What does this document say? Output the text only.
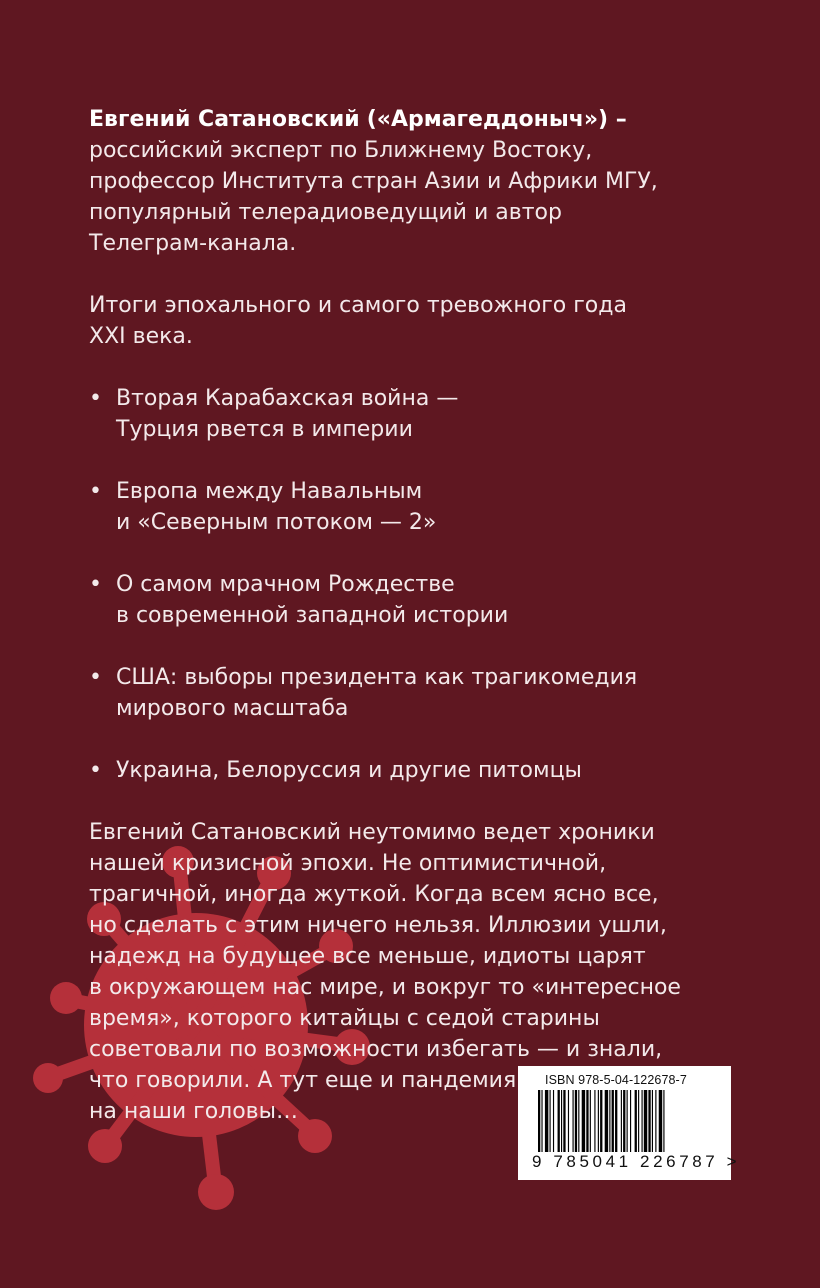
Евгений Сатановский («Армагеддоныч») –

российский эксперт по Ближнему Востоку,
профессор Института стран Азии и Африки МГУ,
популярный телерадиоведущий и автор
Телеграм-канала.

Итоги эпохального и самого тревожного года
XXI века.

• Вторая Карабахская война —
Турция рвется в империи
• Европа между Навальным
и «Северным потоком — 2»
• О самом мрачном Рождестве
в современной западной истории
• США: выборы президента как трагикомедия
мирового масштаба
• Украина, Белоруссия и другие питомцы

Евгений Сатановский неутомимо ведет хроники
нашей кризисной эпохи. Не оптимистичной,
трагичной, иногда жуткой. Когда всем ясно все,
но сделать с этим ничего нельзя. Иллюзии ушли,
надежд на будущее все меньше, идиоты царят
в окружающем нас мире, и вокруг то «интересное
время», которого китайцы с седой старины
советовали по возможности избегать — и знали,
что говорили. А тут еще и пандемия
на наши головы…

ISBN 978-5-04-122678-7
9 785041 226787 >
